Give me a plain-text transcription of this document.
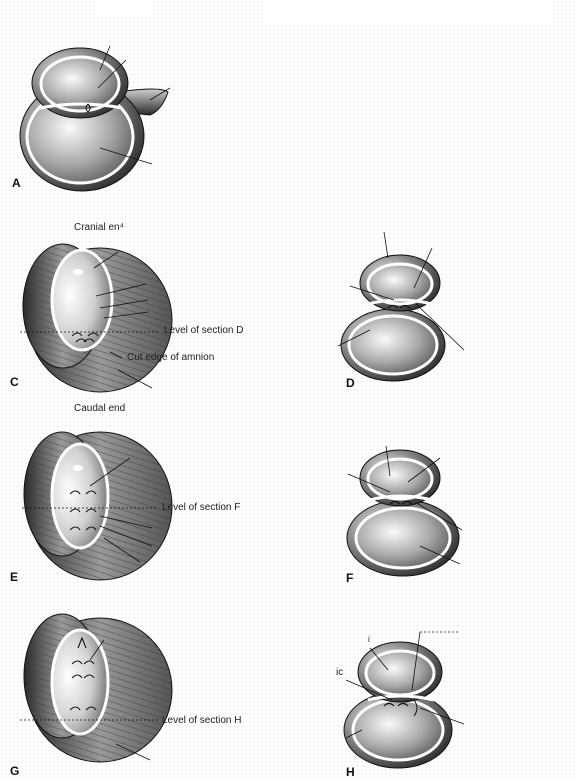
A
C	D
E	F
G	H
Cranial en⁴
Level of section D
Cut edge of amnion
Caudal end
Level of section F
Level of section H
ic
i
